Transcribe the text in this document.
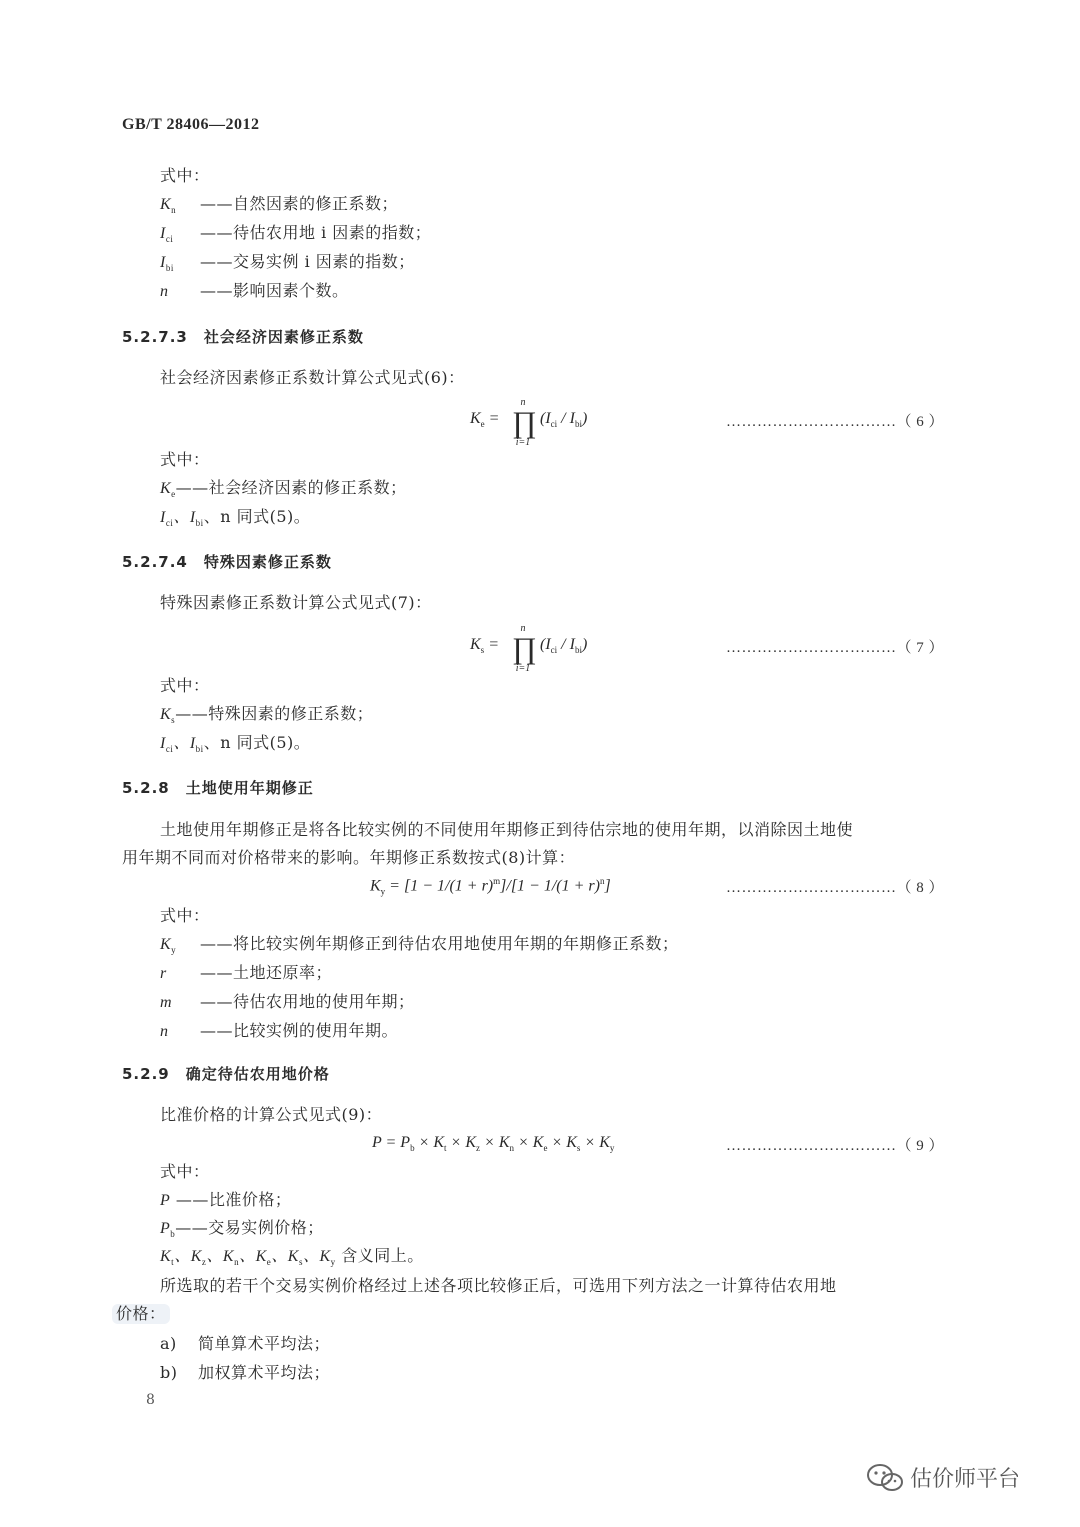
GB/T 28406—2012
式中：
$K_n$ ——自然因素的修正系数；
$I_{ci}$ ——待估农用地 i 因素的指数；
$I_{bi}$ ——交易实例 i 因素的指数；
n ——影响因素个数。
5.2.7.3　社会经济因素修正系数
社会经济因素修正系数计算公式见式(6)：
$K_e$ =
n
∏
i=1
$(I_{ci} / I_{bi})$	……………………………（ 6 ）
式中：
$K_e——$社会经济因素的修正系数；
$I_{ci}$、$I_{bi}$、n 同式(5)。
5.2.7.4　特殊因素修正系数
特殊因素修正系数计算公式见式(7)：
$K_s$ =
n
∏
i=1
$(I_{ci} / I_{bi})$	……………………………（ 7 ）
式中：
$K_s——$特殊因素的修正系数；
$I_{ci}$、$I_{bi}$、n 同式(5)。
5.2.8　土地使用年期修正
土地使用年期修正是将各比较实例的不同使用年期修正到待估宗地的使用年期，以消除因土地使
用年期不同而对价格带来的影响。年期修正系数按式(8)计算：
$K_y = [1 - 1/(1 + r)^m]/[1 - 1/(1 + r)^n]$	……………………………（ 8 ）
式中：
$K_y$ ——将比较实例年期修正到待估农用地使用年期的年期修正系数；
r ——土地还原率；
m ——待估农用地的使用年期；
n ——比较实例的使用年期。
5.2.9　确定待估农用地价格
比准价格的计算公式见式(9)：
$P = P_b \times K_t \times K_z \times K_n \times K_e \times K_s \times K_y$	……………………………（ 9 ）
式中：
P ——比准价格；
$P_b——$交易实例价格；
$K_t$、$K_z$、$K_n$、$K_e$、$K_s$、$K_y$ 含义同上。
所选取的若干个交易实例价格经过上述各项比较修正后，可选用下列方法之一计算待估农用地
价格：
a) 简单算术平均法；
b) 加权算术平均法；
8
估价师平台
